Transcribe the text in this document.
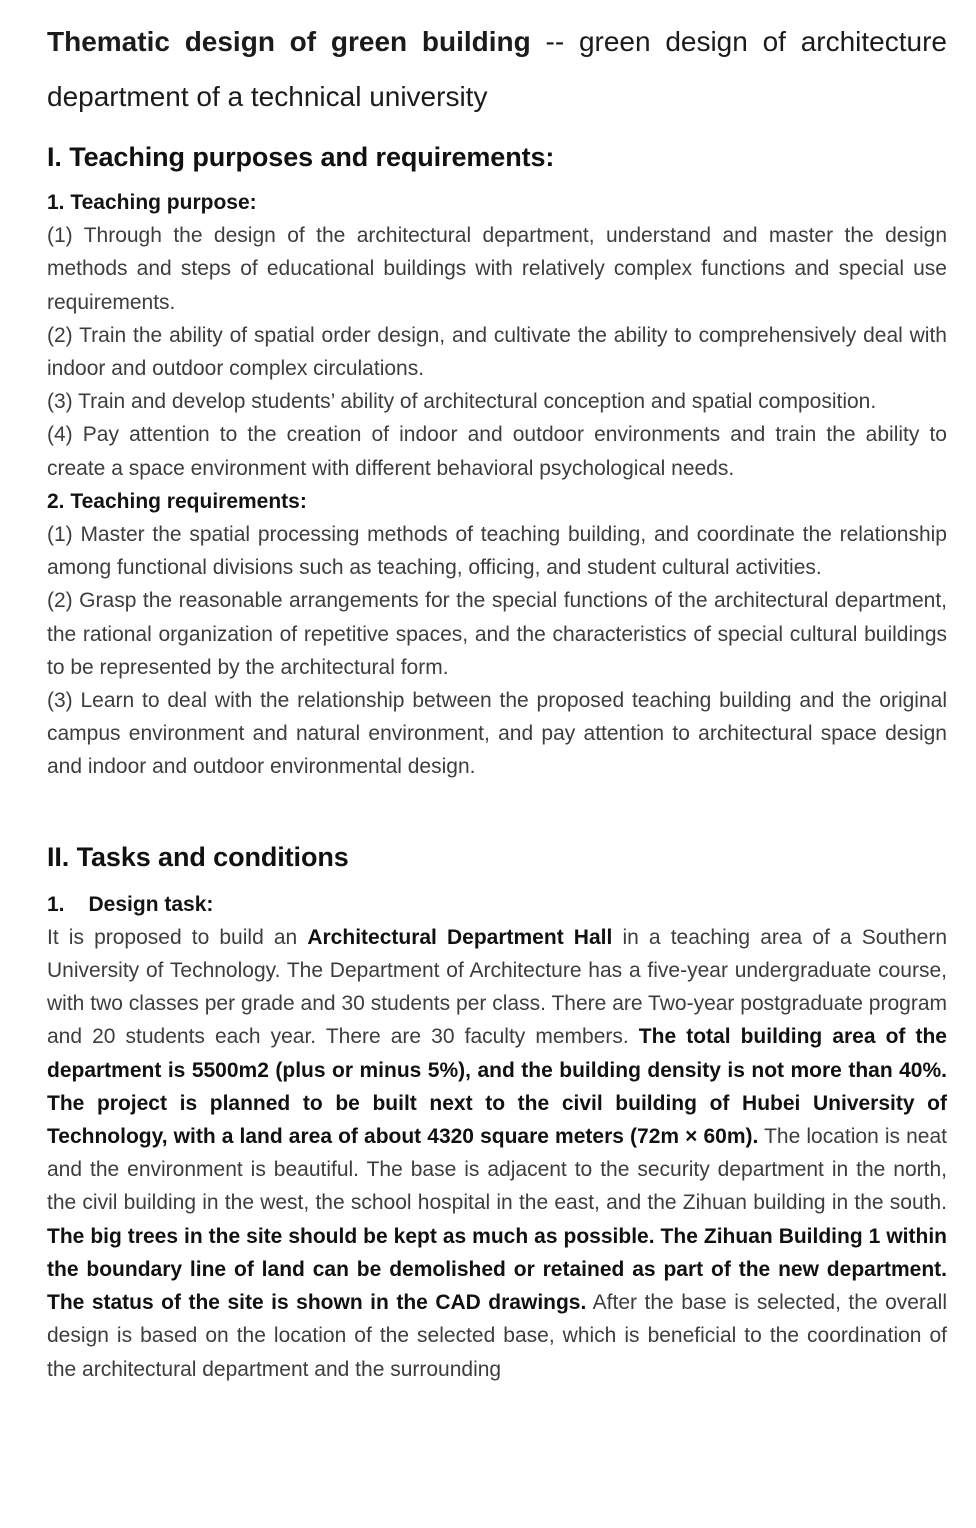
Thematic design of green building -- green design of architecture department of a technical university
I. Teaching purposes and requirements:

1. Teaching purpose:

(1) Through the design of the architectural department, understand and master the design methods and steps of educational buildings with relatively complex functions and special use requirements.

(2) Train the ability of spatial order design, and cultivate the ability to comprehensively deal with indoor and outdoor complex circulations.

(3) Train and develop students’ ability of architectural conception and spatial composition.

(4) Pay attention to the creation of indoor and outdoor environments and train the ability to create a space environment with different behavioral psychological needs.

2. Teaching requirements:

(1) Master the spatial processing methods of teaching building, and coordinate the relationship among functional divisions such as teaching, officing, and student cultural activities.

(2) Grasp the reasonable arrangements for the special functions of the architectural department, the rational organization of repetitive spaces, and the characteristics of special cultural buildings to be represented by the architectural form.

(3) Learn to deal with the relationship between the proposed teaching building and the original campus environment and natural environment, and pay attention to architectural space design and indoor and outdoor environmental design.

II. Tasks and conditions

1. Design task:

It is proposed to build an Architectural Department Hall in a teaching area of a Southern University of Technology. The Department of Architecture has a five-year undergraduate course, with two classes per grade and 30 students per class. There are Two-year postgraduate program and 20 students each year. There are 30 faculty members. The total building area of the department is 5500m2 (plus or minus 5%), and the building density is not more than 40%. The project is planned to be built next to the civil building of Hubei University of Technology, with a land area of about 4320 square meters (72m × 60m). The location is neat and the environment is beautiful. The base is adjacent to the security department in the north, the civil building in the west, the school hospital in the east, and the Zihuan building in the south. The big trees in the site should be kept as much as possible. The Zihuan Building 1 within the boundary line of land can be demolished or retained as part of the new department. The status of the site is shown in the CAD drawings. After the base is selected, the overall design is based on the location of the selected base, which is beneficial to the coordination of the architectural department and the surrounding
